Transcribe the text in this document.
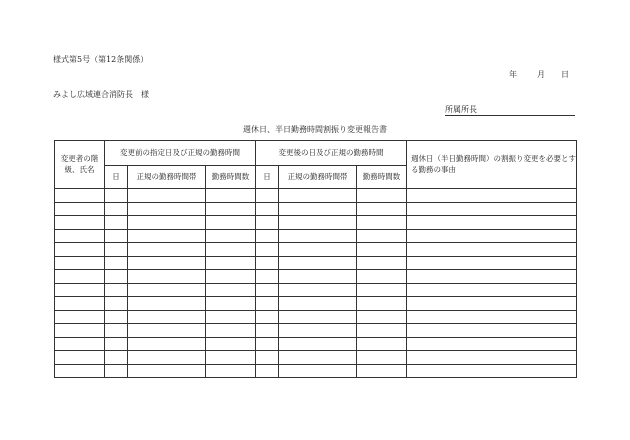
様式第5号（第12条関係）
年	月 日
みよし広域連合消防長　様
所属所長
週休日、半日勤務時間割振り変更報告書
変更者の階級、氏名	変更前の指定日及び正規の勤務時間			変更後の日及び正規の勤務時間			週休日（半日勤務時間）の割振り変更を必要とする勤務の事由
	日	正規の勤務時間帯	勤務時間数	日	正規の勤務時間帯	勤務時間数	
